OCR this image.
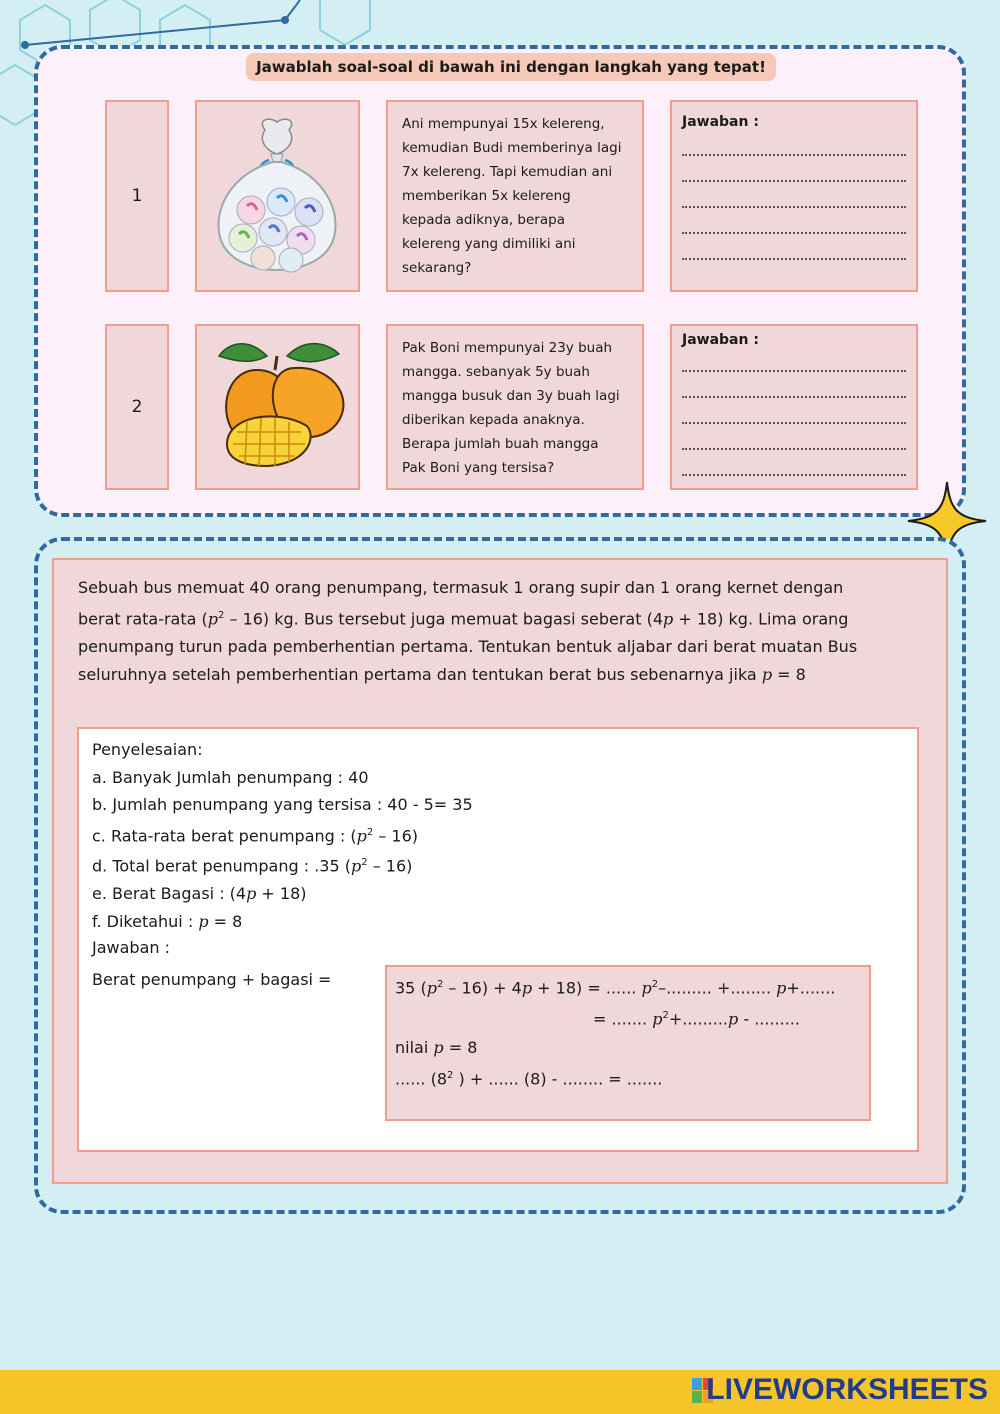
Jawablah soal-soal di bawah ini dengan langkah yang tepat!
1
Ani mempunyai 15x kelereng,
kemudian Budi memberinya lagi
7x kelereng. Tapi kemudian ani
memberikan 5x kelereng
kepada adiknya, berapa
kelereng yang dimiliki ani
sekarang?
Jawaban :
2
Pak Boni mempunyai 23y buah
mangga. sebanyak 5y buah
mangga busuk dan 3y buah lagi
diberikan kepada anaknya.
Berapa jumlah buah mangga
Pak Boni yang tersisa?
Jawaban :
Sebuah bus memuat 40 orang penumpang, termasuk 1 orang supir dan 1 orang kernet dengan
berat rata-rata $(p^2 - 16)$ kg. Bus tersebut juga memuat bagasi seberat (4p + 18) kg. Lima orang
penumpang turun pada pemberhentian pertama. Tentukan bentuk aljabar dari berat muatan Bus
seluruhnya setelah pemberhentian pertama dan tentukan berat bus sebenarnya jika p = 8
Penyelesaian:
a. Banyak Jumlah penumpang : 40
b. Jumlah penumpang yang tersisa : 40 - 5= 35
c. Rata-rata berat penumpang : $(p^2 - 16)$
d. Total berat penumpang : .35 $(p^2 - 16)$
e. Berat Bagasi : (4p + 18)
f. Diketahui : p = 8
Jawaban :
Berat penumpang + bagasi =	35 $(p^2 - 16) + 4p + 18$) = ...... $p^2-$......... +........ p+.......
= ....... $p^2+.........p$ - .........
nilai p = 8
...... ($8^2$ ) + ...... (8) - ........ = .......
LIVEWORKSHEETS
